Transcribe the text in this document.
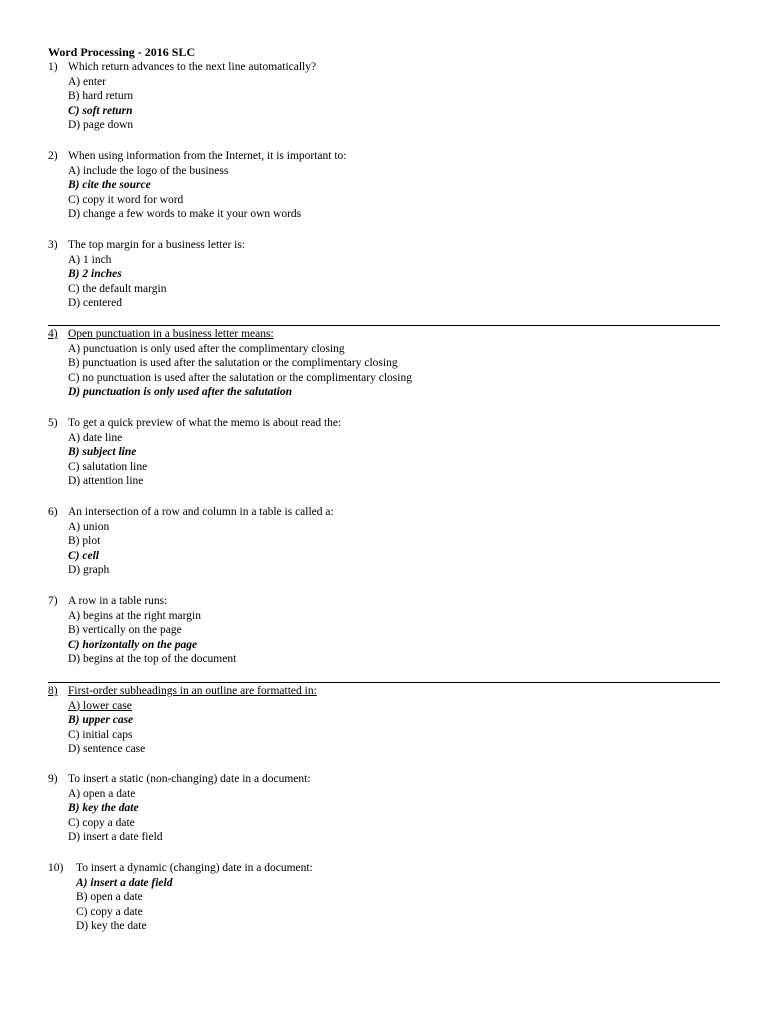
Word Processing - 2016 SLC
1) Which return advances to the next line automatically?
A) enter
B) hard return
C) soft return
D) page down
2) When using information from the Internet, it is important to:
A) include the logo of the business
B) cite the source
C) copy it word for word
D) change a few words to make it your own words
3) The top margin for a business letter is:
A) 1 inch
B) 2 inches
C) the default margin
D) centered
4) Open punctuation in a business letter means:
A) punctuation is only used after the complimentary closing
B) punctuation is used after the salutation or the complimentary closing
C) no punctuation is used after the salutation or the complimentary closing
D) punctuation is only used after the salutation
5) To get a quick preview of what the memo is about read the:
A) date line
B) subject line
C) salutation line
D) attention line
6) An intersection of a row and column in a table is called a:
A) union
B) plot
C) cell
D) graph
7) A row in a table runs:
A) begins at the right margin
B) vertically on the page
C) horizontally on the page
D) begins at the top of the document
8) First-order subheadings in an outline are formatted in:
A) lower case
B) upper case
C) initial caps
D) sentence case
9) To insert a static (non-changing) date in a document:
A) open a date
B) key the date
C) copy a date
D) insert a date field
10) To insert a dynamic (changing) date in a document:
A) insert a date field
B) open a date
C) copy a date
D) key the date
